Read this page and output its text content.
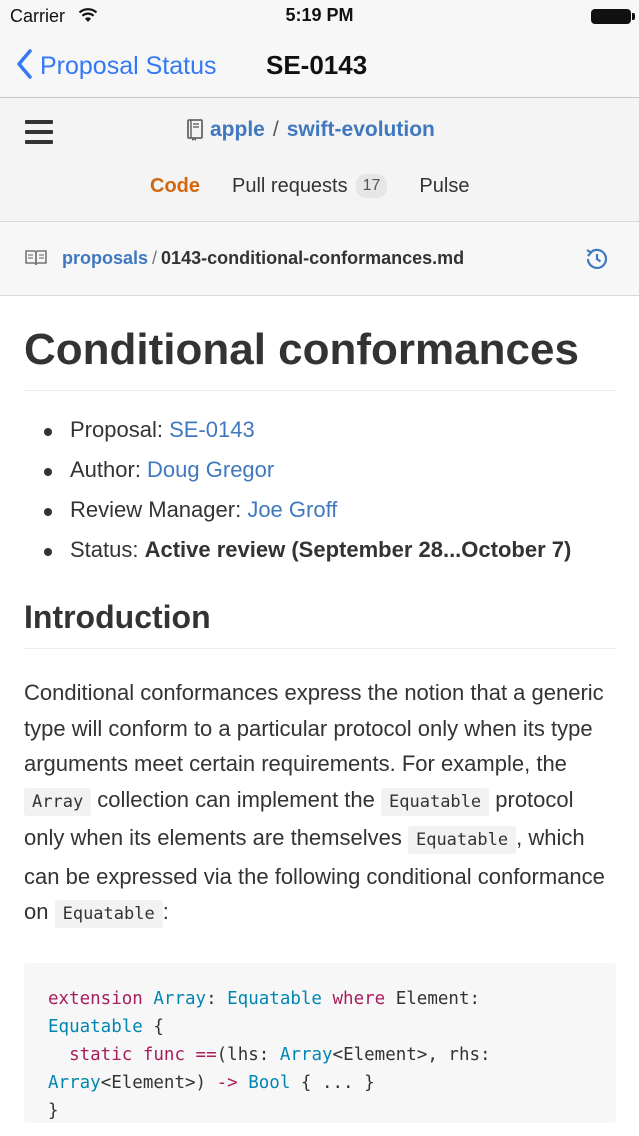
Carrier	5:19 PM
Proposal Status SE-0143
apple / swift-evolution
Code Pull requests 17	Pulse
proposals / 0143-conditional-conformances.md
Conditional conformances
Proposal: SE-0143
Author: Doug Gregor
Review Manager: Joe Groff
Status: Active review (September 28...October 7)
Introduction

Conditional conformances express the notion that a generic type will conform to a particular protocol only when its type arguments meet certain requirements. For example, the Array collection can implement the Equatable protocol only when its elements are themselves Equatable , which can be expressed via the following conditional conformance on Equatable :

extension Array: Equatable where Element:
Equatable {
static func ==(lhs: Array<Element>, rhs:
Array<Element>) -> Bool { ... }
}
